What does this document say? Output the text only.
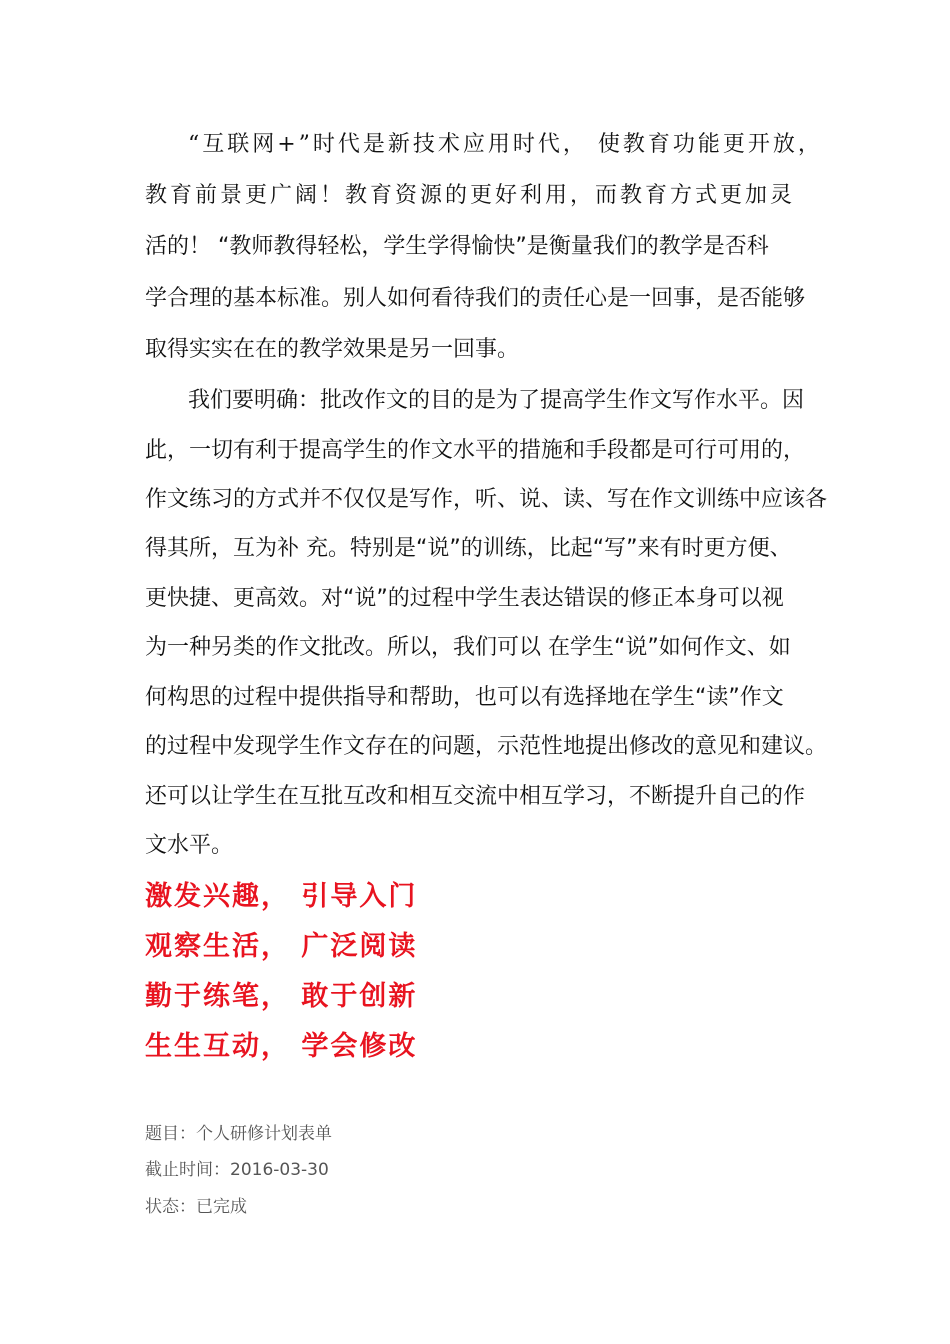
“互联网+”时代是新技术应用时代， 使教育功能更开放，
教育前景更广阔！教育资源的更好利用，而教育方式更加灵
活的！ “教师教得轻松，学生学得愉快”是衡量我们的教学是否科
学合理的基本标准。别人如何看待我们的责任心是一回事，是否能够
取得实实在在的教学效果是另一回事。
我们要明确：批改作文的目的是为了提高学生作文写作水平。因
此，一切有利于提高学生的作文水平的措施和手段都是可行可用的，
作文练习的方式并不仅仅是写作，听、说、读、写在作文训练中应该各
得其所，互为补 充。特别是“说”的训练，比起“写”来有时更方便、
更快捷、更高效。对“说”的过程中学生表达错误的修正本身可以视
为一种另类的作文批改。所以，我们可以 在学生“说”如何作文、如
何构思的过程中提供指导和帮助，也可以有选择地在学生“读”作文
的过程中发现学生作文存在的问题，示范性地提出修改的意见和建议。
还可以让学生在互批互改和相互交流中相互学习，不断提升自己的作
文水平。
激发兴趣， 引导入门
观察生活， 广泛阅读
勤于练笔， 敢于创新
生生互动， 学会修改
题目：个人研修计划表单
截止时间：2016-03-30
状态：已完成
